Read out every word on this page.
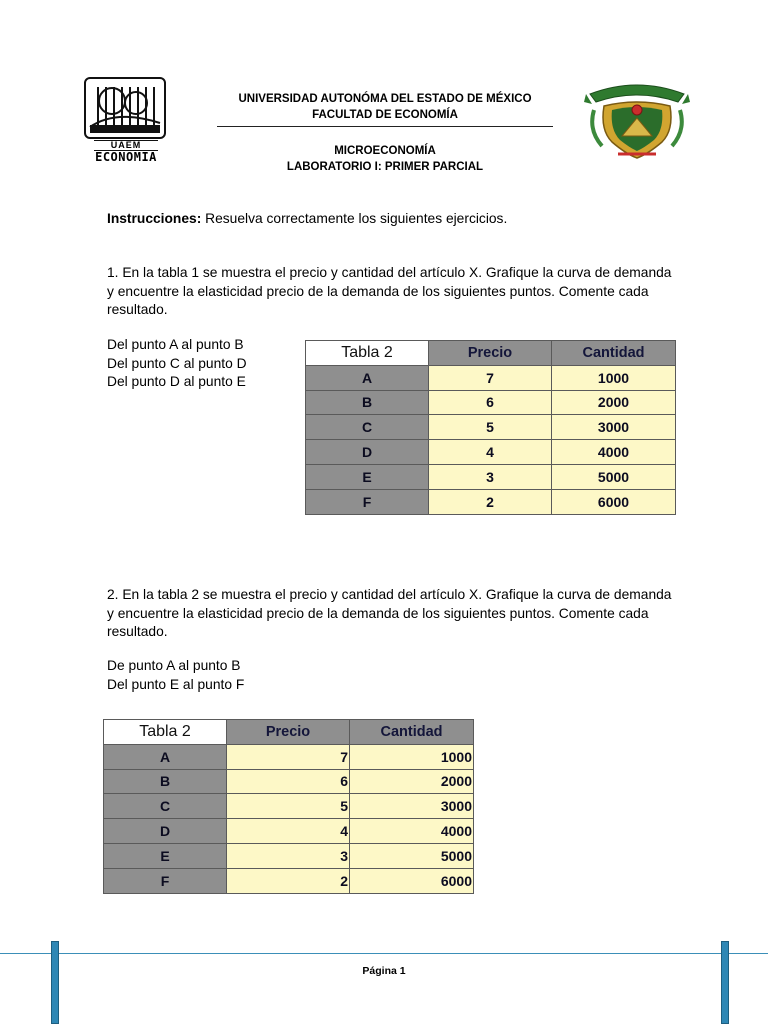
UAEM
ECONOMIA
UNIVERSIDAD AUTONÓMA DEL ESTADO DE MÉXICO
FACULTAD DE ECONOMÍA
MICROECONOMÍA
LABORATORIO I: PRIMER PARCIAL
Instrucciones: Resuelva correctamente los siguientes ejercicios.
1. En la tabla 1 se muestra el precio y cantidad del artículo X. Grafique la curva de demanda y encuentre la elasticidad precio de la demanda de los siguientes puntos. Comente cada resultado.
Del punto A al punto B
Del punto C al punto D
Del punto D al punto E
Tabla 2	Precio	Cantidad
A	7	1000
B	6	2000
C	5	3000
D	4	4000
E	3	5000
F	2	6000
2. En la tabla 2 se muestra el precio y cantidad del artículo X. Grafique la curva de demanda y encuentre la elasticidad precio de la demanda de los siguientes puntos. Comente cada resultado.
De punto A al punto B
Del punto E al punto F
Tabla 2	Precio	Cantidad
A	7	1000
B	6	2000
C	5	3000
D	4	4000
E	3	5000
F	2	6000
Página 1
